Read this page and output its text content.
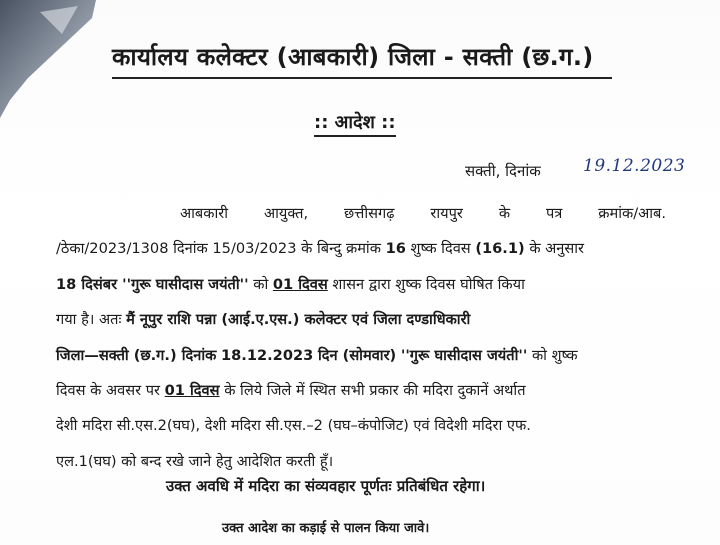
कार्यालय कलेक्टर (आबकारी) जिला - सक्ती (छ.ग.)
:: आदेश ::
सक्ती, दिनांक 19.12.2023
आबकारी आयुक्त, छत्तीसगढ़ रायपुर के पत्र क्रमांक/आब.
/ठेका/2023/1308 दिनांक 15/03/2023 के बिन्दु क्रमांक 16 शुष्क दिवस (16.1) के अनुसार
18 दिसंबर ''गुरू घासीदास जयंती'' को 01 दिवस शासन द्वारा शुष्क दिवस घोषित किया
गया है। अतः मैं नूपुर राशि पन्ना (आई.ए.एस.) कलेक्टर एवं जिला दण्डाधिकारी
जिला—सक्ती (छ.ग.) दिनांक 18.12.2023 दिन (सोमवार) ''गुरू घासीदास जयंती'' को शुष्क
दिवस के अवसर पर 01 दिवस के लिये जिले में स्थित सभी प्रकार की मदिरा दुकानें अर्थात
देशी मदिरा सी.एस.2(घघ), देशी मदिरा सी.एस.–2 (घघ–कंपोजिट) एवं विदेशी मदिरा एफ.
एल.1(घघ) को बन्द रखे जाने हेतु आदेशित करती हूँ।
उक्त अवधि में मदिरा का संव्यवहार पूर्णतः प्रतिबंधित रहेगा।
उक्त आदेश का कड़ाई से पालन किया जावे।
